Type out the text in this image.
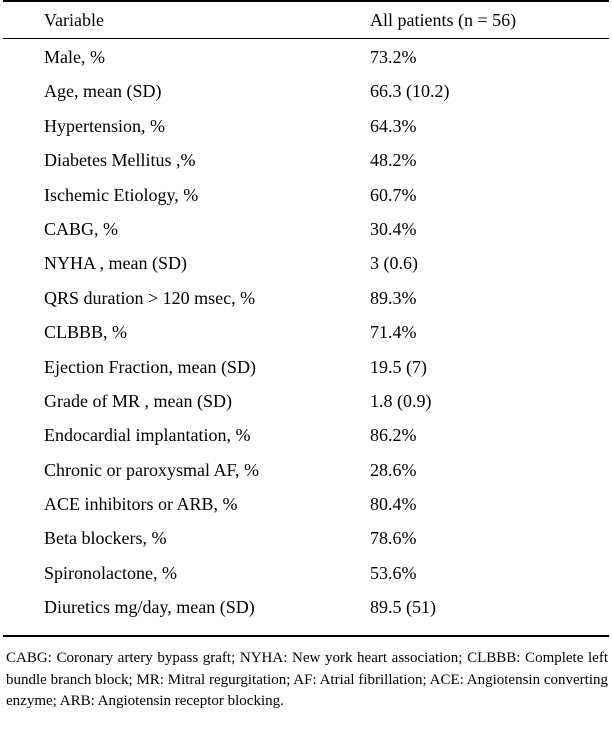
Variable	All patients (n = 56)
Male, %	73.2%
Age, mean (SD)	66.3 (10.2)
Hypertension, %	64.3%
Diabetes Mellitus ,%	48.2%
Ischemic Etiology, %	60.7%
CABG, %	30.4%
NYHA , mean (SD)	3 (0.6)
QRS duration > 120 msec, %	89.3%
CLBBB, %	71.4%
Ejection Fraction, mean (SD)	19.5 (7)
Grade of MR , mean (SD)	1.8 (0.9)
Endocardial implantation, %	86.2%
Chronic or paroxysmal AF, %	28.6%
ACE inhibitors or ARB, %	80.4%
Beta blockers, %	78.6%
Spironolactone, %	53.6%
Diuretics mg/day, mean (SD)	89.5 (51)
CABG: Coronary artery bypass graft; NYHA: New york heart association; CLBBB: Complete left bundle branch block; MR: Mitral regurgitation; AF: Atrial fibrillation; ACE: Angiotensin converting enzyme; ARB: Angiotensin receptor blocking.
